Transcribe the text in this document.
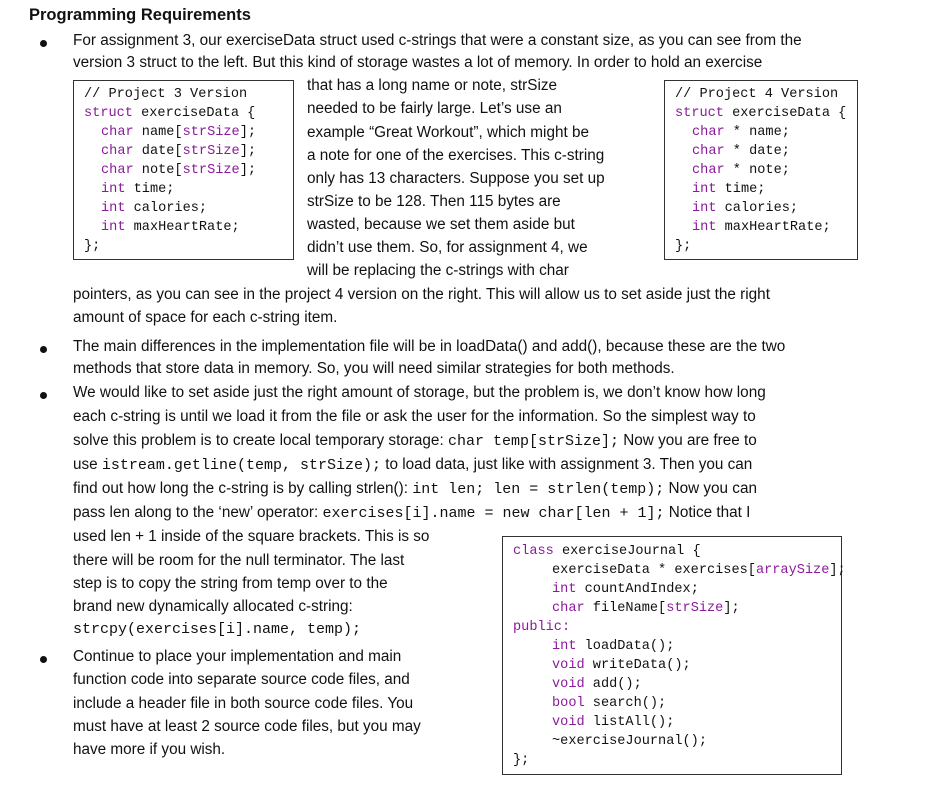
Programming Requirements
For assignment 3, our exerciseData struct used c-strings that were a constant size, as you can see from the
version 3 struct to the left. But this kind of storage wastes a lot of memory. In order to hold an exercise
that has a long name or note, strSize
needed to be fairly large. Let’s use an
example “Great Workout”, which might be
a note for one of the exercises. This c-string
only has 13 characters. Suppose you set up
strSize to be 128. Then 115 bytes are
wasted, because we set them aside but
didn’t use them. So, for assignment 4, we
will be replacing the c-strings with char
pointers, as you can see in the project 4 version on the right. This will allow us to set aside just the right
amount of space for each c-string item.
// Project 3 Version
struct exerciseData {
char name[strSize];
char date[strSize];
char note[strSize];
int time;
int calories;
int maxHeartRate;
};
// Project 4 Version
struct exerciseData {
char * name;
char * date;
char * note;
int time;
int calories;
int maxHeartRate;
};
The main differences in the implementation file will be in loadData() and add(), because these are the two
methods that store data in memory. So, you will need similar strategies for both methods.
We would like to set aside just the right amount of storage, but the problem is, we don’t know how long
each c-string is until we load it from the file or ask the user for the information. So the simplest way to
solve this problem is to create local temporary storage: char temp[strSize]; Now you are free to
use istream.getline(temp, strSize); to load data, just like with assignment 3. Then you can
find out how long the c-string is by calling strlen(): int len; len = strlen(temp); Now you can
pass len along to the ‘new’ operator: exercises[i].name = new char[len + 1]; Notice that I
used len + 1 inside of the square brackets. This is so
there will be room for the null terminator. The last
step is to copy the string from temp over to the
brand new dynamically allocated c-string:
strcpy(exercises[i].name, temp);
Continue to place your implementation and main
function code into separate source code files, and
include a header file in both source code files. You
must have at least 2 source code files, but you may
have more if you wish.
class exerciseJournal {
exerciseData * exercises[arraySize];
int countAndIndex;
char fileName[strSize];
public:
int loadData();
void writeData();
void add();
bool search();
void listAll();
~exerciseJournal();
};
